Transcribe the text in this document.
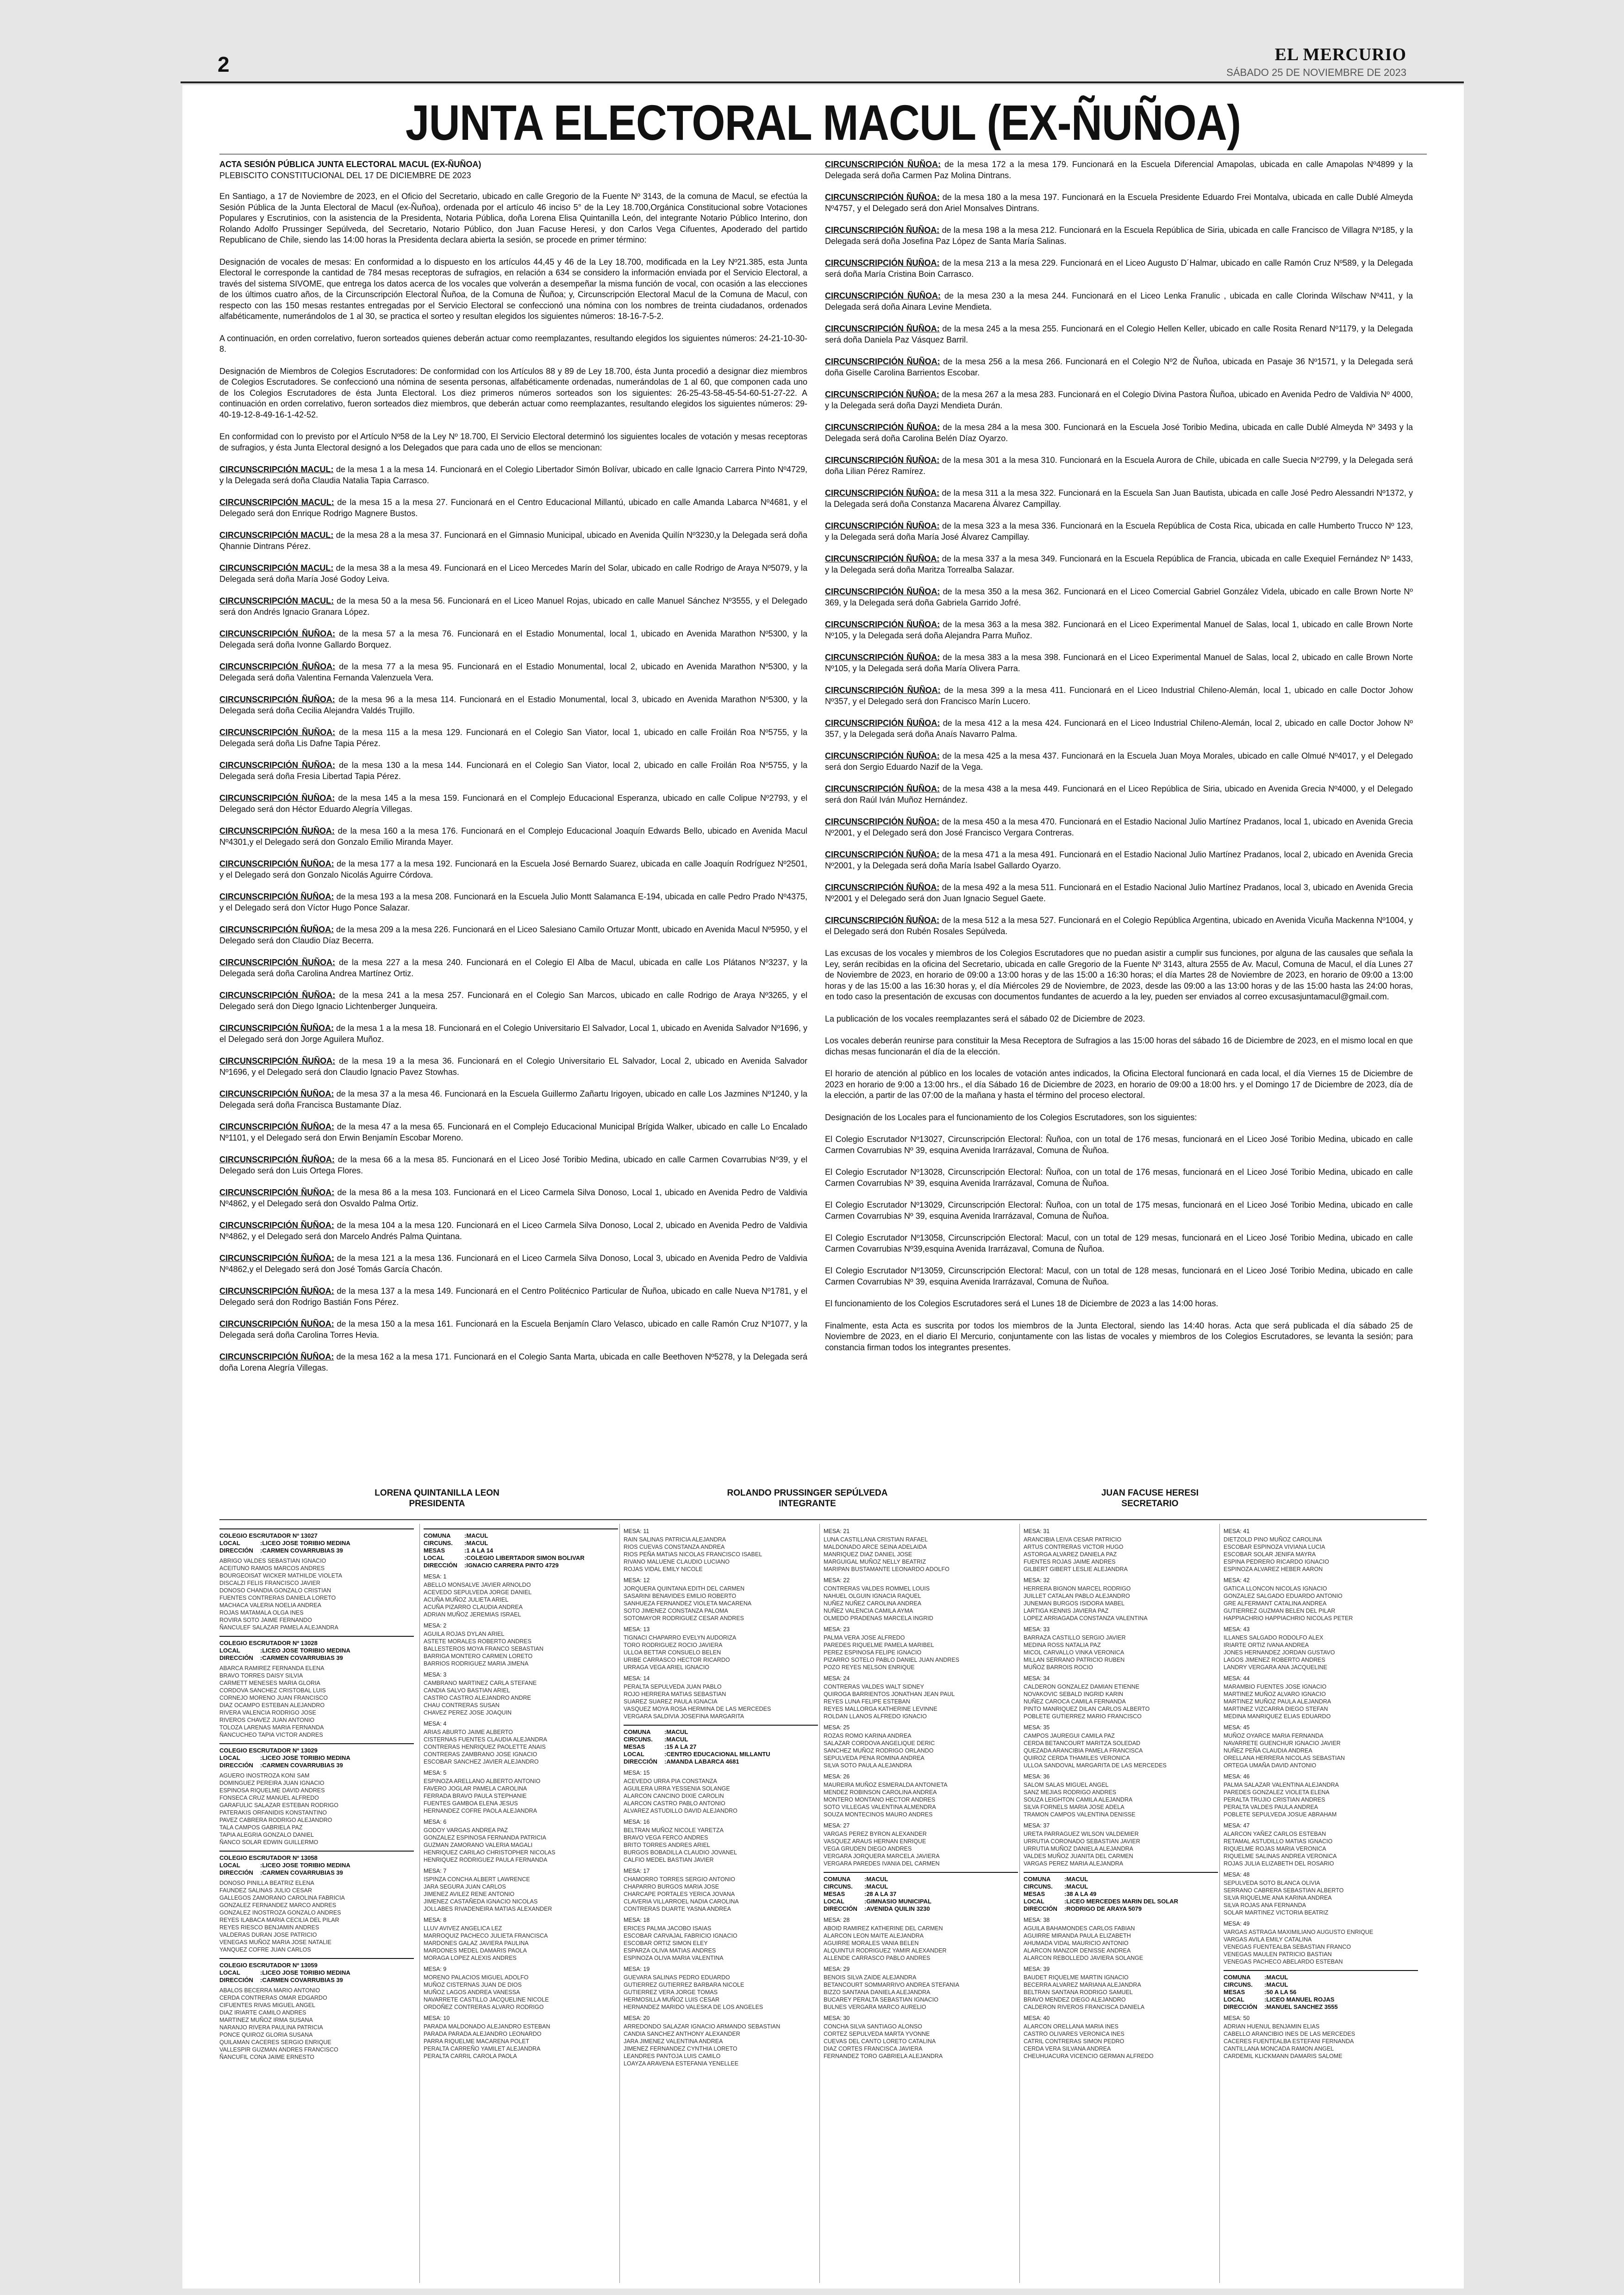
2	EL MERCURIO
SÁBADO 25 DE NOVIEMBRE DE 2023
JUNTA ELECTORAL MACUL (EX-ÑUÑOA)

ACTA SESIÓN PÚBLICA JUNTA ELECTORAL MACUL (EX-ÑUÑOA)

PLEBISCITO CONSTITUCIONAL DEL 17 DE DICIEMBRE DE 2023

En Santiago, a 17 de Noviembre de 2023, en el Oficio del Secretario, ubicado en calle Gregorio de la Fuente Nº 3143, de la comuna de Macul, se efectúa la Sesión Pública de la Junta Electoral de Macul (ex-Ñuñoa), ordenada por el artículo 46 inciso 5° de la Ley 18.700,Orgánica Constitucional sobre Votaciones Populares y Escrutinios, con la asistencia de la Presidenta, Notaria Pública, doña Lorena Elisa Quintanilla León, del integrante Notario Público Interino, don Rolando Adolfo Prussinger Sepúlveda, del Secretario, Notario Público, don Juan Facuse Heresi, y don Carlos Vega Cifuentes, Apoderado del partido Republicano de Chile, siendo las 14:00 horas la Presidenta declara abierta la sesión, se procede en primer término:

Designación de vocales de mesas: En conformidad a lo dispuesto en los artículos 44,45 y 46 de la Ley 18.700, modificada en la Ley Nº21.385, esta Junta Electoral le corresponde la cantidad de 784 mesas receptoras de sufragios, en relación a 634 se considero la información enviada por el Servicio Electoral, a través del sistema SIVOME, que entrega los datos acerca de los vocales que volverán a desempeñar la misma función de vocal, con ocasión a las elecciones de los últimos cuatro años, de la Circunscripción Electoral Ñuñoa, de la Comuna de Ñuñoa; y, Circunscripción Electoral Macul de la Comuna de Macul, con respecto con las 150 mesas restantes entregadas por el Servicio Electoral se confeccionó una nómina con los nombres de treinta ciudadanos, ordenados alfabéticamente, numerándolos de 1 al 30, se practica el sorteo y resultan elegidos los siguientes números: 18-16-7-5-2.

A continuación, en orden correlativo, fueron sorteados quienes deberán actuar como reemplazantes, resultando elegidos los siguientes números: 24-21-10-30-8.

Designación de Miembros de Colegios Escrutadores: De conformidad con los Artículos 88 y 89 de Ley 18.700, ésta Junta procedió a designar diez miembros de Colegios Escrutadores. Se confeccionó una nómina de sesenta personas, alfabéticamente ordenadas, numerándolas de 1 al 60, que componen cada uno de los Colegios Escrutadores de ésta Junta Electoral. Los diez primeros números sorteados son los siguientes: 26-25-43-58-45-54-60-51-27-22. A continuación en orden correlativo, fueron sorteados diez miembros, que deberán actuar como reemplazantes, resultando elegidos los siguientes números: 29-40-19-12-8-49-16-1-42-52.

En conformidad con lo previsto por el Artículo Nº58 de la Ley Nº 18.700, El Servicio Electoral determinó los siguientes locales de votación y mesas receptoras de sufragios, y ésta Junta Electoral designó a los Delegados que para cada uno de ellos se mencionan:

CIRCUNSCRIPCIÓN MACUL: de la mesa 1 a la mesa 14. Funcionará en el Colegio Libertador Simón Bolívar, ubicado en calle Ignacio Carrera Pinto Nº4729, y la Delegada será doña Claudia Natalia Tapia Carrasco.

CIRCUNSCRIPCIÓN MACUL: de la mesa 15 a la mesa 27. Funcionará en el Centro Educacional Millantú, ubicado en calle Amanda Labarca Nº4681, y el Delegado será don Enrique Rodrigo Magnere Bustos.

CIRCUNSCRIPCIÓN MACUL: de la mesa 28 a la mesa 37. Funcionará en el Gimnasio Municipal, ubicado en Avenida Quilín Nº3230,y la Delegada será doña Qhannie Dintrans Pérez.

CIRCUNSCRIPCIÓN MACUL: de la mesa 38 a la mesa 49. Funcionará en el Liceo Mercedes Marín del Solar, ubicado en calle Rodrigo de Araya Nº5079, y la Delegada será doña María José Godoy Leiva.

CIRCUNSCRIPCIÓN MACUL: de la mesa 50 a la mesa 56. Funcionará en el Liceo Manuel Rojas, ubicado en calle Manuel Sánchez Nº3555, y el Delegado será don Andrés Ignacio Granara López.

CIRCUNSCRIPCIÓN ÑUÑOA: de la mesa 57 a la mesa 76. Funcionará en el Estadio Monumental, local 1, ubicado en Avenida Marathon Nº5300, y la Delegada será doña Ivonne Gallardo Borquez.

CIRCUNSCRIPCIÓN ÑUÑOA: de la mesa 77 a la mesa 95. Funcionará en el Estadio Monumental, local 2, ubicado en Avenida Marathon Nº5300, y la Delegada será doña Valentina Fernanda Valenzuela Vera.

CIRCUNSCRIPCIÓN ÑUÑOA: de la mesa 96 a la mesa 114. Funcionará en el Estadio Monumental, local 3, ubicado en Avenida Marathon Nº5300, y la Delegada será doña Cecilia Alejandra Valdés Trujillo.

CIRCUNSCRIPCIÓN ÑUÑOA: de la mesa 115 a la mesa 129. Funcionará en el Colegio San Viator, local 1, ubicado en calle Froilán Roa Nº5755, y la Delegada será doña Lis Dafne Tapia Pérez.

CIRCUNSCRIPCIÓN ÑUÑOA: de la mesa 130 a la mesa 144. Funcionará en el Colegio San Viator, local 2, ubicado en calle Froilán Roa Nº5755, y la Delegada será doña Fresia Libertad Tapia Pérez.

CIRCUNSCRIPCIÓN ÑUÑOA: de la mesa 145 a la mesa 159. Funcionará en el Complejo Educacional Esperanza, ubicado en calle Colipue Nº2793, y el Delegado será don Héctor Eduardo Alegría Villegas.

CIRCUNSCRIPCIÓN ÑUÑOA: de la mesa 160 a la mesa 176. Funcionará en el Complejo Educacional Joaquín Edwards Bello, ubicado en Avenida Macul Nº4301,y el Delegado será don Gonzalo Emilio Miranda Mayer.

CIRCUNSCRIPCIÓN ÑUÑOA: de la mesa 177 a la mesa 192. Funcionará en la Escuela José Bernardo Suarez, ubicada en calle Joaquín Rodríguez Nº2501, y el Delegado será don Gonzalo Nicolás Aguirre Córdova.

CIRCUNSCRIPCIÓN ÑUÑOA: de la mesa 193 a la mesa 208. Funcionará en la Escuela Julio Montt Salamanca E-194, ubicada en calle Pedro Prado Nº4375, y el Delegado será don Víctor Hugo Ponce Salazar.

CIRCUNSCRIPCIÓN ÑUÑOA: de la mesa 209 a la mesa 226. Funcionará en el Liceo Salesiano Camilo Ortuzar Montt, ubicado en Avenida Macul Nº5950, y el Delegado será don Claudio Díaz Becerra.

CIRCUNSCRIPCIÓN ÑUÑOA: de la mesa 227 a la mesa 240. Funcionará en el Colegio El Alba de Macul, ubicada en calle Los Plátanos Nº3237, y la Delegada será doña Carolina Andrea Martínez Ortiz.

CIRCUNSCRIPCIÓN ÑUÑOA: de la mesa 241 a la mesa 257. Funcionará en el Colegio San Marcos, ubicado en calle Rodrigo de Araya Nº3265, y el Delegado será don Diego Ignacio Lichtenberger Junqueira.

CIRCUNSCRIPCIÓN ÑUÑOA: de la mesa 1 a la mesa 18. Funcionará en el Colegio Universitario El Salvador, Local 1, ubicado en Avenida Salvador Nº1696, y el Delegado será don Jorge Aguilera Muñoz.

CIRCUNSCRIPCIÓN ÑUÑOA: de la mesa 19 a la mesa 36. Funcionará en el Colegio Universitario EL Salvador, Local 2, ubicado en Avenida Salvador Nº1696, y el Delegado será don Claudio Ignacio Pavez Stowhas.

CIRCUNSCRIPCIÓN ÑUÑOA: de la mesa 37 a la mesa 46. Funcionará en la Escuela Guillermo Zañartu Irigoyen, ubicado en calle Los Jazmines Nº1240, y la Delegada será doña Francisca Bustamante Díaz.

CIRCUNSCRIPCIÓN ÑUÑOA: de la mesa 47 a la mesa 65. Funcionará en el Complejo Educacional Municipal Brígida Walker, ubicado en calle Lo Encalado Nº1101, y el Delegado será don Erwin Benjamín Escobar Moreno.

CIRCUNSCRIPCIÓN ÑUÑOA: de la mesa 66 a la mesa 85. Funcionará en el Liceo José Toribio Medina, ubicado en calle Carmen Covarrubias Nº39, y el Delegado será don Luis Ortega Flores.

CIRCUNSCRIPCIÓN ÑUÑOA: de la mesa 86 a la mesa 103. Funcionará en el Liceo Carmela Silva Donoso, Local 1, ubicado en Avenida Pedro de Valdivia Nº4862, y el Delegado será don Osvaldo Palma Ortiz.

CIRCUNSCRIPCIÓN ÑUÑOA: de la mesa 104 a la mesa 120. Funcionará en el Liceo Carmela Silva Donoso, Local 2, ubicado en Avenida Pedro de Valdivia Nº4862, y el Delegado será don Marcelo Andrés Palma Quintana.

CIRCUNSCRIPCIÓN ÑUÑOA: de la mesa 121 a la mesa 136. Funcionará en el Liceo Carmela Silva Donoso, Local 3, ubicado en Avenida Pedro de Valdivia Nº4862,y el Delegado será don José Tomás García Chacón.

CIRCUNSCRIPCIÓN ÑUÑOA: de la mesa 137 a la mesa 149. Funcionará en el Centro Politécnico Particular de Ñuñoa, ubicado en calle Nueva Nº1781, y el Delegado será don Rodrigo Bastián Fons Pérez.

CIRCUNSCRIPCIÓN ÑUÑOA: de la mesa 150 a la mesa 161. Funcionará en la Escuela Benjamín Claro Velasco, ubicado en calle Ramón Cruz Nº1077, y la Delegada será doña Carolina Torres Hevia.

CIRCUNSCRIPCIÓN ÑUÑOA: de la mesa 162 a la mesa 171. Funcionará en el Colegio Santa Marta, ubicada en calle Beethoven Nº5278, y la Delegada será doña Lorena Alegría Villegas.

CIRCUNSCRIPCIÓN ÑUÑOA: de la mesa 172 a la mesa 179. Funcionará en la Escuela Diferencial Amapolas, ubicada en calle Amapolas Nº4899 y la Delegada será doña Carmen Paz Molina Dintrans.

CIRCUNSCRIPCIÓN ÑUÑOA: de la mesa 180 a la mesa 197. Funcionará en la Escuela Presidente Eduardo Frei Montalva, ubicada en calle Dublé Almeyda Nº4757, y el Delegado será don Ariel Monsalves Dintrans.

CIRCUNSCRIPCIÓN ÑUÑOA: de la mesa 198 a la mesa 212. Funcionará en la Escuela República de Siria, ubicada en calle Francisco de Villagra Nº185, y la Delegada será doña Josefina Paz López de Santa María Salinas.

CIRCUNSCRIPCIÓN ÑUÑOA: de la mesa 213 a la mesa 229. Funcionará en el Liceo Augusto D´Halmar, ubicado en calle Ramón Cruz Nº589, y la Delegada será doña María Cristina Boin Carrasco.

CIRCUNSCRIPCIÓN ÑUÑOA: de la mesa 230 a la mesa 244. Funcionará en el Liceo Lenka Franulic , ubicada en calle Clorinda Wilschaw Nº411, y la Delegada será doña Ainara Levine Mendieta.

CIRCUNSCRIPCIÓN ÑUÑOA: de la mesa 245 a la mesa 255. Funcionará en el Colegio Hellen Keller, ubicado en calle Rosita Renard Nº1179, y la Delegada será doña Daniela Paz Vásquez Barril.

CIRCUNSCRIPCIÓN ÑUÑOA: de la mesa 256 a la mesa 266. Funcionará en el Colegio Nº2 de Ñuñoa, ubicada en Pasaje 36 Nº1571, y la Delegada será doña Giselle Carolina Barrientos Escobar.

CIRCUNSCRIPCIÓN ÑUÑOA: de la mesa 267 a la mesa 283. Funcionará en el Colegio Divina Pastora Ñuñoa, ubicado en Avenida Pedro de Valdivia Nº 4000, y la Delegada será doña Dayzi Mendieta Durán.

CIRCUNSCRIPCIÓN ÑUÑOA: de la mesa 284 a la mesa 300. Funcionará en la Escuela José Toribio Medina, ubicada en calle Dublé Almeyda Nº 3493 y la Delegada será doña Carolina Belén Díaz Oyarzo.

CIRCUNSCRIPCIÓN ÑUÑOA: de la mesa 301 a la mesa 310. Funcionará en la Escuela Aurora de Chile, ubicada en calle Suecia Nº2799, y la Delegada será doña Lilian Pérez Ramírez.

CIRCUNSCRIPCIÓN ÑUÑOA: de la mesa 311 a la mesa 322. Funcionará en la Escuela San Juan Bautista, ubicada en calle José Pedro Alessandri Nº1372, y la Delegada será doña Constanza Macarena Álvarez Campillay.

CIRCUNSCRIPCIÓN ÑUÑOA: de la mesa 323 a la mesa 336. Funcionará en la Escuela República de Costa Rica, ubicada en calle Humberto Trucco Nº 123, y la Delegada será doña María José Álvarez Campillay.

CIRCUNSCRIPCIÓN ÑUÑOA: de la mesa 337 a la mesa 349. Funcionará en la Escuela República de Francia, ubicada en calle Exequiel Fernández Nº 1433, y la Delegada será doña Maritza Torrealba Salazar.

CIRCUNSCRIPCIÓN ÑUÑOA: de la mesa 350 a la mesa 362. Funcionará en el Liceo Comercial Gabriel González Videla, ubicado en calle Brown Norte Nº 369, y la Delegada será doña Gabriela Garrido Jofré.

CIRCUNSCRIPCIÓN ÑUÑOA: de la mesa 363 a la mesa 382. Funcionará en el Liceo Experimental Manuel de Salas, local 1, ubicado en calle Brown Norte Nº105, y la Delegada será doña Alejandra Parra Muñoz.

CIRCUNSCRIPCIÓN ÑUÑOA: de la mesa 383 a la mesa 398. Funcionará en el Liceo Experimental Manuel de Salas, local 2, ubicado en calle Brown Norte Nº105, y la Delegada será doña María Olivera Parra.

CIRCUNSCRIPCIÓN ÑUÑOA: de la mesa 399 a la mesa 411. Funcionará en el Liceo Industrial Chileno-Alemán, local 1, ubicado en calle Doctor Johow Nº357, y el Delegado será don Francisco Marín Lucero.

CIRCUNSCRIPCIÓN ÑUÑOA: de la mesa 412 a la mesa 424. Funcionará en el Liceo Industrial Chileno-Alemán, local 2, ubicado en calle Doctor Johow Nº 357, y la Delegada será doña Anaís Navarro Palma.

CIRCUNSCRIPCIÓN ÑUÑOA: de la mesa 425 a la mesa 437. Funcionará en la Escuela Juan Moya Morales, ubicado en calle Olmué Nº4017, y el Delegado será don Sergio Eduardo Nazif de la Vega.

CIRCUNSCRIPCIÓN ÑUÑOA: de la mesa 438 a la mesa 449. Funcionará en el Liceo República de Siria, ubicado en Avenida Grecia Nº4000, y el Delegado será don Raúl Iván Muñoz Hernández.

CIRCUNSCRIPCIÓN ÑUÑOA: de la mesa 450 a la mesa 470. Funcionará en el Estadio Nacional Julio Martínez Pradanos, local 1, ubicado en Avenida Grecia Nº2001, y el Delegado será don José Francisco Vergara Contreras.

CIRCUNSCRIPCIÓN ÑUÑOA: de la mesa 471 a la mesa 491. Funcionará en el Estadio Nacional Julio Martínez Pradanos, local 2, ubicado en Avenida Grecia Nº2001, y la Delegada será doña María Isabel Gallardo Oyarzo.

CIRCUNSCRIPCIÓN ÑUÑOA: de la mesa 492 a la mesa 511. Funcionará en el Estadio Nacional Julio Martínez Pradanos, local 3, ubicado en Avenida Grecia Nº2001 y el Delegado será don Juan Ignacio Seguel Gaete.

CIRCUNSCRIPCIÓN ÑUÑOA: de la mesa 512 a la mesa 527. Funcionará en el Colegio República Argentina, ubicado en Avenida Vicuña Mackenna Nº1004, y el Delegado será don Rubén Rosales Sepúlveda.

Las excusas de los vocales y miembros de los Colegios Escrutadores que no puedan asistir a cumplir sus funciones, por alguna de las causales que señala la Ley, serán recibidas en la oficina del Secretario, ubicada en calle Gregorio de la Fuente Nº 3143, altura 2555 de Av. Macul, Comuna de Macul, el día Lunes 27 de Noviembre de 2023, en horario de 09:00 a 13:00 horas y de las 15:00 a 16:30 horas; el día Martes 28 de Noviembre de 2023, en horario de 09:00 a 13:00 horas y de las 15:00 a las 16:30 horas y, el día Miércoles 29 de Noviembre, de 2023, desde las 09:00 a las 13:00 horas y de las 15:00 hasta las 24:00 horas, en todo caso la presentación de excusas con documentos fundantes de acuerdo a la ley, pueden ser enviados al correo excusasjuntamacul@gmail.com.

La publicación de los vocales reemplazantes será el sábado 02 de Diciembre de 2023.

Los vocales deberán reunirse para constituir la Mesa Receptora de Sufragios a las 15:00 horas del sábado 16 de Diciembre de 2023, en el mismo local en que dichas mesas funcionarán el día de la elección.

El horario de atención al público en los locales de votación antes indicados, la Oficina Electoral funcionará en cada local, el día Viernes 15 de Diciembre de 2023 en horario de 9:00 a 13:00 hrs., el día Sábado 16 de Diciembre de 2023, en horario de 09:00 a 18:00 hrs. y el Domingo 17 de Diciembre de 2023, día de la elección, a partir de las 07:00 de la mañana y hasta el término del proceso electoral.

Designación de los Locales para el funcionamiento de los Colegios Escrutadores, son los siguientes:

El Colegio Escrutador Nº13027, Circunscripción Electoral: Ñuñoa, con un total de 176 mesas, funcionará en el Liceo José Toribio Medina, ubicado en calle Carmen Covarrubias Nº 39, esquina Avenida Irarrázaval, Comuna de Ñuñoa.

El Colegio Escrutador Nº13028, Circunscripción Electoral: Ñuñoa, con un total de 176 mesas, funcionará en el Liceo José Toribio Medina, ubicado en calle Carmen Covarrubias Nº 39, esquina Avenida Irarrázaval, Comuna de Ñuñoa.

El Colegio Escrutador Nº13029, Circunscripción Electoral: Ñuñoa, con un total de 175 mesas, funcionará en el Liceo José Toribio Medina, ubicado en calle Carmen Covarrubias Nº 39, esquina Avenida Irarrázaval, Comuna de Ñuñoa.

El Colegio Escrutador Nº13058, Circunscripción Electoral: Macul, con un total de 129 mesas, funcionará en el Liceo José Toribio Medina, ubicado en calle Carmen Covarrubias Nº39,esquina Avenida Irarrázaval, Comuna de Ñuñoa.

El Colegio Escrutador Nº13059, Circunscripción Electoral: Macul, con un total de 128 mesas, funcionará en el Liceo José Toribio Medina, ubicado en calle Carmen Covarrubias Nº 39, esquina Avenida Irarrázaval, Comuna de Ñuñoa.

El funcionamiento de los Colegios Escrutadores será el Lunes 18 de Diciembre de 2023 a las 14:00 horas.

Finalmente, esta Acta es suscrita por todos los miembros de la Junta Electoral, siendo las 14:40 horas. Acta que será publicada el día sábado 25 de Noviembre de 2023, en el diario El Mercurio, conjuntamente con las listas de vocales y miembros de los Colegios Escrutadores, se levanta la sesión; para constancia firman todos los integrantes presentes.

LORENA QUINTANILLA LEON
PRESIDENTA
ROLANDO PRUSSINGER SEPÚLVEDA
INTEGRANTE
JUAN FACUSE HERESI
SECRETARIO
COLEGIO ESCRUTADOR Nº 13027
LOCAL	:LICEO JOSE TORIBIO MEDINA
DIRECCIÓN	:CARMEN COVARRUBIAS 39
ABRIGO VALDES SEBASTIAN IGNACIO
ACEITUNO RAMOS MARCOS ANDRES
BOURGEOISAT WICKER MATHILDE VIOLETA
DISCALZI FELIS FRANCISCO JAVIER
DONOSO CHANDIA GONZALO CRISTIAN
FUENTES CONTRERAS DANIELA LORETO
MACHACA VALERIA NOELIA ANDREA
ROJAS MATAMALA OLGA INES
ROVIRA SOTO JAIME FERNANDO
ÑANCULEF SALAZAR PAMELA ALEJANDRA
COLEGIO ESCRUTADOR Nº 13028
LOCAL	:LICEO JOSE TORIBIO MEDINA
DIRECCIÓN	:CARMEN COVARRUBIAS 39
ABARCA RAMIREZ FERNANDA ELENA
BRAVO TORRES DAISY SILVIA
CARMETT MENESES MARIA GLORIA
CORDOVA SANCHEZ CRISTOBAL LUIS
CORNEJO MORENO JUAN FRANCISCO
DIAZ OCAMPO ESTEBAN ALEJANDRO
RIVERA VALENCIA RODRIGO JOSE
RIVEROS CHAVEZ JUAN ANTONIO
TOLOZA LARENAS MARIA FERNANDA
ÑANCUCHEO TAPIA VICTOR ANDRES
COLEGIO ESCRUTADOR Nº 13029
LOCAL	:LICEO JOSE TORIBIO MEDINA
DIRECCIÓN	:CARMEN COVARRUBIAS 39
AGUERO INOSTROZA KONI SAM
DOMINGUEZ PEREIRA JUAN IGNACIO
ESPINOSA RIQUELME DAVID ANDRES
FONSECA CRUZ MANUEL ALFREDO
GARAFULIC SALAZAR ESTEBAN RODRIGO
PATERAKIS ORFANIDIS KONSTANTINO
PAVEZ CABRERA RODRIGO ALEJANDRO
TALA CAMPOS GABRIELA PAZ
TAPIA ALEGRIA GONZALO DANIEL
ÑANCO SOLAR EDWIN GUILLERMO
COLEGIO ESCRUTADOR Nº 13058
LOCAL	:LICEO JOSE TORIBIO MEDINA
DIRECCIÓN	:CARMEN COVARRUBIAS 39
DONOSO PINILLA BEATRIZ ELENA
FAUNDEZ SALINAS JULIO CESAR
GALLEGOS ZAMORANO CAROLINA FABRICIA
GONZALEZ FERNANDEZ MARCO ANDRES
GONZALEZ INOSTROZA GONZALO ANDRES
REYES ILABACA MARIA CECILIA DEL PILAR
REYES RIESCO BENJAMIN ANDRES
VALDERAS DURAN JOSE PATRICIO
VENEGAS MUÑOZ MARIA JOSE NATALIE
YANQUEZ COFRE JUAN CARLOS
COLEGIO ESCRUTADOR Nº 13059
LOCAL	:LICEO JOSE TORIBIO MEDINA
DIRECCIÓN	:CARMEN COVARRUBIAS 39
ABALOS BECERRA MARIO ANTONIO
CERDA CONTRERAS OMAR EDGARDO
CIFUENTES RIVAS MIGUEL ANGEL
DIAZ IRIARTE CAMILO ANDRES
MARTINEZ MUÑOZ IRMA SUSANA
NARANJO RIVERA PAULINA PATRICIA
PONCE QUIROZ GLORIA SUSANA
QUILAMAN CACERES SERGIO ENRIQUE
VALLESPIR GUZMAN ANDRES FRANCISCO
ÑANCUFIL CONA JAIME ERNESTO
COMUNA	:MACUL
CIRCUNS.	:MACUL
MESAS	:1 A LA 14
LOCAL	:COLEGIO LIBERTADOR SIMON BOLIVAR
DIRECCIÓN	:IGNACIO CARRERA PINTO 4729
MESA: 1
ABELLO MONSALVE JAVIER ARNOLDO
ACEVEDO SEPULVEDA JORGE DANIEL
ACUÑA MUÑOZ JULIETA ARIEL
ACUÑA PIZARRO CLAUDIA ANDREA
ADRIAN MUÑOZ JEREMIAS ISRAEL
MESA: 2
AGUILA ROJAS DYLAN ARIEL
ASTETE MORALES ROBERTO ANDRES
BALLESTEROS MOYA FRANCO SEBASTIAN
BARRIGA MONTERO CARMEN LORETO
BARRIOS RODRIGUEZ MARIA JIMENA
MESA: 3
CAMBRANO MARTINEZ CARLA STEFANE
CANDIA SALVO BASTIAN ARIEL
CASTRO CASTRO ALEJANDRO ANDRE
CHAU CONTRERAS SUSAN
CHAVEZ PEREZ JOSE JOAQUIN
MESA: 4
ARIAS ABURTO JAIME ALBERTO
CISTERNAS FUENTES CLAUDIA ALEJANDRA
CONTRERAS HENRIQUEZ PAOLETTE ANAIS
CONTRERAS ZAMBRANO JOSE IGNACIO
ESCOBAR SANCHEZ JAVIER ALEJANDRO
MESA: 5
ESPINOZA ARELLANO ALBERTO ANTONIO
FAVERO JOGLAR PAMELA CAROLINA
FERRADA BRAVO PAULA STEPHANIE
FUENTES GAMBOA ELENA JESUS
HERNANDEZ COFRE PAOLA ALEJANDRA
MESA: 6
GODOY VARGAS ANDREA PAZ
GONZALEZ ESPINOSA FERNANDA PATRICIA
GUZMAN ZAMORANO VALERIA MAGALI
HENRIQUEZ CARILAO CHRISTOPHER NICOLAS
HENRIQUEZ RODRIGUEZ PAULA FERNANDA
MESA: 7
ISPINZA CONCHA ALBERT LAWRENCE
JARA SEGURA JUAN CARLOS
JIMENEZ AVILEZ RENE ANTONIO
JIMENEZ CASTAÑEDA IGNACIO NICOLAS
JOLLABES RIVADENEIRA MATIAS ALEXANDER
MESA: 8
LLUV AVIVEZ ANGELICA LEZ
MARROQUIZ PACHECO JULIETA FRANCISCA
MARDONES GALAZ JAVIERA PAULINA
MARDONES MEDEL DAMARIS PAOLA
MORAGA LOPEZ ALEXIS ANDRES
MESA: 9
MORENO PALACIOS MIGUEL ADOLFO
MUÑOZ CISTERNAS JUAN DE DIOS
MUÑOZ LAGOS ANDREA VANESSA
NAVARRETE CASTILLO JACQUELINE NICOLE
ORDOÑEZ CONTRERAS ALVARO RODRIGO
MESA: 10
PARADA MALDONADO ALEJANDRO ESTEBAN
PARADA PARADA ALEJANDRO LEONARDO
PARRA RIQUELME MACARENA POLET
PERALTA CARREÑO YAMILET ALEJANDRA
PERALTA CARRIL CAROLA PAOLA
MESA: 11
RAIN SALINAS PATRICIA ALEJANDRA
RIOS CUEVAS CONSTANZA ANDREA
RIOS PEÑA MATIAS NICOLAS FRANCISCO ISABEL
RIVANO MALUENE CLAUDIO LUCIANO
ROJAS VIDAL EMILY NICOLE
MESA: 12
JORQUERA QUINTANA EDITH DEL CARMEN
SASARINI BENAVIDES EMILIO ROBERTO
SANHUEZA FERNANDEZ VIOLETA MACARENA
SOTO JIMENEZ CONSTANZA PALOMA
SOTOMAYOR RODRIGUEZ CESAR ANDRES
MESA: 13
TIGNACI CHAPARRO EVELYN AUDORIZA
TORO RODRIGUEZ ROCIO JAVIERA
ULLOA BETTAR CONSUELO BELEN
URIBE CARRASCO HECTOR RICARDO
URRAGA VEGA ARIEL IGNACIO
MESA: 14
PERALTA SEPULVEDA JUAN PABLO
ROJO HERRERA MATIAS SEBASTIAN
SUAREZ SUAREZ PAULA IGNACIA
VASQUEZ MOYA ROSA HERMINA DE LAS MERCEDES
VERGARA SALDIVIA JOSEFINA MARGARITA
COMUNA	:MACUL
CIRCUNS.	:MACUL
MESAS	:15 A LA 27
LOCAL	:CENTRO EDUCACIONAL MILLANTU
DIRECCIÓN	:AMANDA LABARCA 4681
MESA: 15
ACEVEDO URRA PIA CONSTANZA
AGUILERA URRA YESSENIA SOLANGE
ALARCON CANCINO DIXIE CAROLIN
ALARCON CASTRO PABLO ANTONIO
ALVAREZ ASTUDILLO DAVID ALEJANDRO
MESA: 16
BELTRAN MUÑOZ NICOLE YARETZA
BRAVO VEGA FERCO ANDRES
BRITO TORRES ANDRES ARIEL
BURGOS BOBADILLA CLAUDIO JOVANEL
CALFIO MEDEL BASTIAN JAVIER
MESA: 17
CHAMORRO TORRES SERGIO ANTONIO
CHAPARRO BURGOS MARIA JOSE
CHARCAPE PORTALES YERICA JOVANA
CLAVERIA VILLARROEL NADIA CAROLINA
CONTRERAS DUARTE YASNA ANDREA
MESA: 18
ERICES PALMA JACOBO ISAIAS
ESCOBAR CARVAJAL FABRICIO IGNACIO
ESCOBAR ORTIZ SIMON ELEY
ESPARZA OLIVA MATIAS ANDRES
ESPINOZA OLIVA MARIA VALENTINA
MESA: 19
GUEVARA SALINAS PEDRO EDUARDO
GUTIERREZ GUTIERREZ BARBARA NICOLE
GUTIERREZ VERA JORGE TOMAS
HERMOSILLA MUÑOZ LUIS CESAR
HERNANDEZ MARIDO VALESKA DE LOS ANGELES
MESA: 20
ARREDONDO SALAZAR IGNACIO ARMANDO SEBASTIAN
CANDIA SANCHEZ ANTHONY ALEXANDER
JARA JIMENEZ VALENTINA ANDREA
JIMENEZ FERNANDEZ CYNTHIA LORETO
LEANDRES PANTOJA LUIS CAMILO
LOAYZA ARAVENA ESTEFANIA YENELLEE
MESA: 21
LUNA CASTILLANA CRISTIAN RAFAEL
MALDONADO ARCE SEINA ADELAIDA
MANRIQUEZ DIAZ DANIEL JOSE
MARGUIGAL MUÑOZ NELLY BEATRIZ
MARIPAN BUSTAMANTE LEONARDO ADOLFO
MESA: 22
CONTRERAS VALDES ROMMEL LOUIS
NAHUEL OLGUIN IGNACIA RAQUEL
NUÑEZ NUÑEZ CAROLINA ANDREA
NUÑEZ VALENCIA CAMILA AYMA
OLMEDO PRADENAS MARCELA INGRID
MESA: 23
PALMA VERA JOSE ALFREDO
PAREDES RIQUELME PAMELA MARIBEL
PEREZ ESPINOSA FELIPE IGNACIO
PIZARRO SOTELO PABLO DANIEL JUAN ANDRES
POZO REYES NELSON ENRIQUE
MESA: 24
CONTRERAS VALDES WALT SIDNEY
QUIROGA BARRIENTOS JONATHAN JEAN PAUL
REYES LUNA FELIPE ESTEBAN
REYES MALLORGA KATHERINE LEVINNE
ROLDAN LLANOS ALFREDO IGNACIO
MESA: 25
ROZAS ROMO KARINA ANDREA
SALAZAR CORDOVA ANGELIQUE DERIC
SANCHEZ MUÑOZ RODRIGO ORLANDO
SEPULVEDA PENA ROMINA ANDREA
SILVA SOTO PAULA ALEJANDRA
MESA: 26
MAUREIRA MUÑOZ ESMERALDA ANTONIETA
MENDEZ ROBINSON CAROLINA ANDREA
MONTERO MONTANO HECTOR ANDRES
SOTO VILLEGAS VALENTINA ALMENDRA
SOUZA MONTECINOS MAURO ANDRES
MESA: 27
VARGAS PEREZ BYRON ALEXANDER
VASQUEZ ARAUS HERNAN ENRIQUE
VEGA GRUDEN DIEGO ANDRES
VERGARA JORQUERA MARCELA JAVIERA
VERGARA PAREDES IVANIA DEL CARMEN
COMUNA	:MACUL
CIRCUNS.	:MACUL
MESAS	:28 A LA 37
LOCAL	:GIMNASIO MUNICIPAL
DIRECCIÓN	:AVENIDA QUILIN 3230
MESA: 28
ABOID RAMIREZ KATHERINE DEL CARMEN
ALARCON LEON MAITE ALEJANDRA
AGUIRRE MORALES VANIA BELEN
ALQUINTUI RODRIGUEZ YAMIR ALEXANDER
ALLENDE CARRASCO PABLO ANDRES
MESA: 29
BENOIS SILVA ZAIDE ALEJANDRA
BETANCOURT SOMMARRIVO ANDREA STEFANIA
BIZZO SANTANA DANIELA ALEJANDRA
BUCAREY PERALTA SEBASTIAN IGNACIO
BULNES VERGARA MARCO AURELIO
MESA: 30
CONCHA SILVA SANTIAGO ALONSO
CORTEZ SEPULVEDA MARTA YVONNE
CUEVAS DEL CANTO LORETO CATALINA
DIAZ CORTES FRANCISCA JAVIERA
FERNANDEZ TORO GABRIELA ALEJANDRA
MESA: 31
ARANCIBIA LEIVA CESAR PATRICIO
ARTUS CONTRERAS VICTOR HUGO
ASTORGA ALVAREZ DANIELA PAZ
FUENTES ROJAS JAIME ANDRES
GILBERT GIBERT LESLIE ALEJANDRA
MESA: 32
HERRERA BIGNON MARCEL RODRIGO
JUILLET CATALAN PABLO ALEJANDRO
JUNEMAN BURGOS ISIDORA MABEL
LARTIGA KENNIS JAVIERA PAZ
LOPEZ ARRIAGADA CONSTANZA VALENTINA
MESA: 33
BARRAZA CASTILLO SERGIO JAVIER
MEDINA ROSS NATALIA PAZ
MICOL CARVALLO VINKA VERONICA
MILLAN SERRANO PATRICIO RUBEN
MUÑOZ BARROIS ROCIO
MESA: 34
CALDERON GONZALEZ DAMIAN ETIENNE
NOVAKOVIC SEBALD INGRID KARIN
NUÑEZ CAROCA CAMILA FERNANDA
PINTO MANRIQUEZ DILAN CARLOS ALBERTO
POBLETE GUTIERREZ MARIO FRANCISCO
MESA: 35
CAMPOS JAUREGUI CAMILA PAZ
CERDA BETANCOURT MARITZA SOLEDAD
QUEZADA ARANCIBIA PAMELA FRANCISCA
QUIROZ CERDA THAMILES VERONICA
ULLOA SANDOVAL MARGARITA DE LAS MERCEDES
MESA: 36
SALOM SALAS MIGUEL ANGEL
SANZ MEJIAS RODRIGO ANDRES
SOUZA LEIGHTON CAMILA ALEJANDRA
SILVA FORNELS MARIA JOSE ADELA
TRAMON CAMPOS VALENTINA DENISSE
MESA: 37
URETA PARRAGUEZ WILSON VALDEMIER
URRUTIA CORONADO SEBASTIAN JAVIER
URRUTIA MUÑOZ DANIELA ALEJANDRA
VALDES MUÑOZ JUANITA DEL CARMEN
VARGAS PEREZ MARIA ALEJANDRA
COMUNA	:MACUL
CIRCUNS.	:MACUL
MESAS	:38 A LA 49
LOCAL	:LICEO MERCEDES MARIN DEL SOLAR
DIRECCIÓN	:RODRIGO DE ARAYA 5079
MESA: 38
AGUILA BAHAMONDES CARLOS FABIAN
AGUIRRE MIRANDA PAULA ELIZABETH
AHUMADA VIDAL MAURICIO ANTONIO
ALARCON MANZOR DENISSE ANDREA
ALARCON REBOLLEDO JAVIERA SOLANGE
MESA: 39
BAUDET RIQUELME MARTIN IGNACIO
BECERRA ALVAREZ MARIANA ALEJANDRA
BELTRAN SANTANA RODRIGO SAMUEL
BRAVO MENDEZ DIEGO ALEJANDRO
CALDERON RIVEROS FRANCISCA DANIELA
MESA: 40
ALARCON ORELLANA MARIA INES
CASTRO OLIVARES VERONICA INES
CATRIL CONTRERAS SIMON PEDRO
CERDA VERA SILVANA ANDREA
CHEUHUACURA VICENCIO GERMAN ALFREDO
MESA: 41
DIETZOLD PINO MUÑOZ CAROLINA
ESCOBAR ESPINOZA VIVIANA LUCIA
ESCOBAR SOLAR JENIFA MAYRA
ESPINA PEDRERO RICARDO IGNACIO
ESPINOZA ALVAREZ HEBER AARON
MESA: 42
GATICA LLONCON NICOLAS IGNACIO
GONZALEZ SALGADO EDUARDO ANTONIO
GRE ALFERMANT CATALINA ANDREA
GUTIERREZ GUZMAN BELEN DEL PILAR
HAPPIACHRIO HAPPIACHRIO NICOLAS PETER
MESA: 43
ILLANES SALGADO RODOLFO ALEX
IRIARTE ORTIZ IVANA ANDREA
JONES HERNANDEZ JORDAN GUSTAVO
LAGOS JIMENEZ ROBERTO ANDRES
LANDRY VERGARA ANA JACQUELINE
MESA: 44
MARAMBIO FUENTES JOSE IGNACIO
MARTINEZ MUÑOZ ALVARO IGNACIO
MARTINEZ MUÑOZ PAULA ALEJANDRA
MARTINEZ VIZCARRA DIEGO STEFAN
MEDINA MANRIQUEZ ELIAS EDUARDO
MESA: 45
MUÑOZ OYARCE MARIA FERNANDA
NAVARRETE GUENCHUR IGNACIO JAVIER
NUÑEZ PEÑA CLAUDIA ANDREA
ORELLANA HERRERA NICOLAS SEBASTIAN
ORTEGA UMAÑA DAVID ANTONIO
MESA: 46
PALMA SALAZAR VALENTINA ALEJANDRA
PAREDES GONZALEZ VIOLETA ELENA
PERALTA TRUJIO CRISTIAN ANDRES
PERALTA VALDES PAULA ANDREA
POBLETE SEPULVEDA JOSUE ABRAHAM
MESA: 47
ALARCON YAÑEZ CARLOS ESTEBAN
RETAMAL ASTUDILLO MATIAS IGNACIO
RIQUELME ROJAS MARIA VERONICA
RIQUELME SALINAS ANDREA VERONICA
ROJAS JULIA ELIZABETH DEL ROSARIO
MESA: 48
SEPULVEDA SOTO BLANCA OLIVIA
SERRANO CABRERA SEBASTIAN ALBERTO
SILVA RIQUELME ANA KARINA ANDREA
SILVA ROJAS ANA FERNANDA
SOLAR MARTINEZ VICTORIA BEATRIZ
MESA: 49
VARGAS ASTRAGA MAXIMILIANO AUGUSTO ENRIQUE
VARGAS AVILA EMILY CATALINA
VENEGAS FUENTEALBA SEBASTIAN FRANCO
VENEGAS MAULEN PATRICIO BASTIAN
VENEGAS PACHECO ABELARDO ESTEBAN
COMUNA	:MACUL
CIRCUNS.	:MACUL
MESAS	:50 A LA 56
LOCAL	:LICEO MANUEL ROJAS
DIRECCIÓN	:MANUEL SANCHEZ 3555
MESA: 50
ADRIAN HUENUL BENJAMIN ELIAS
CABELLO ARANCIBIO INES DE LAS MERCEDES
CACERES FUENTEALBA ESTEFANI FERNANDA
CANTILLANA MONCADA RAMON ANGEL
CARDEMIL KLICKMANN DAMARIS SALOME
